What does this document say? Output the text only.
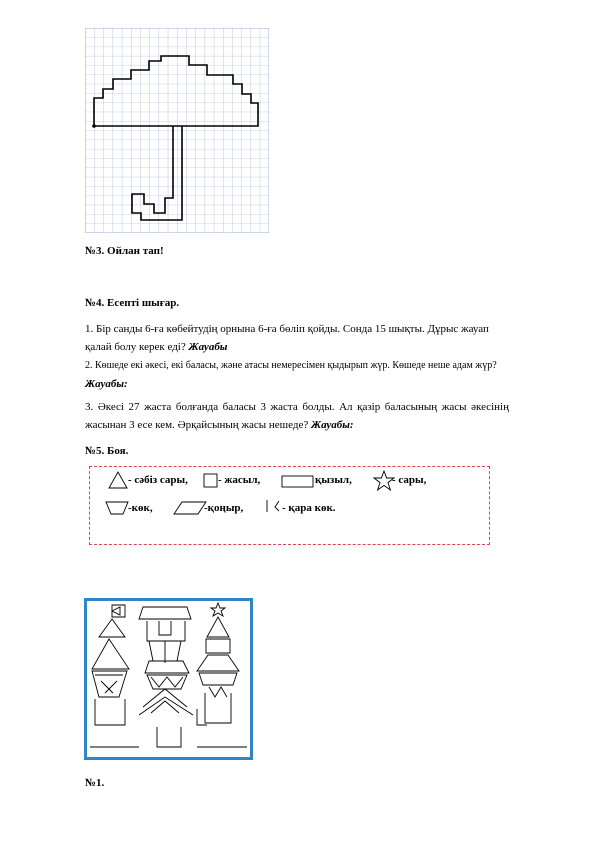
№3. Ойлан тап!
№4. Есепті шығар.
1. Бір санды 6-ға көбейтудің орнына 6-ға бөліп қойды. Сонда 15 шықты. Дұрыс жауап қалай болу керек еді? Жауабы
2. Көшеде екі әкесі, екі баласы, және атасы немересімен қыдырып жүр. Көшеде неше адам жүр? Жауабы:
3. Әкесі 27 жаста болғанда баласы 3 жаста болды. Ал қазір баласының жасы әкесінің жасынан 3 есе кем. Әрқайсының жасы нешеде? Жауабы:
№5. Боя.
- сәбіз сары,	- жасыл,	қызыл,	- сары,
-көк,	-қоңыр,	- қара көк.
№1.
